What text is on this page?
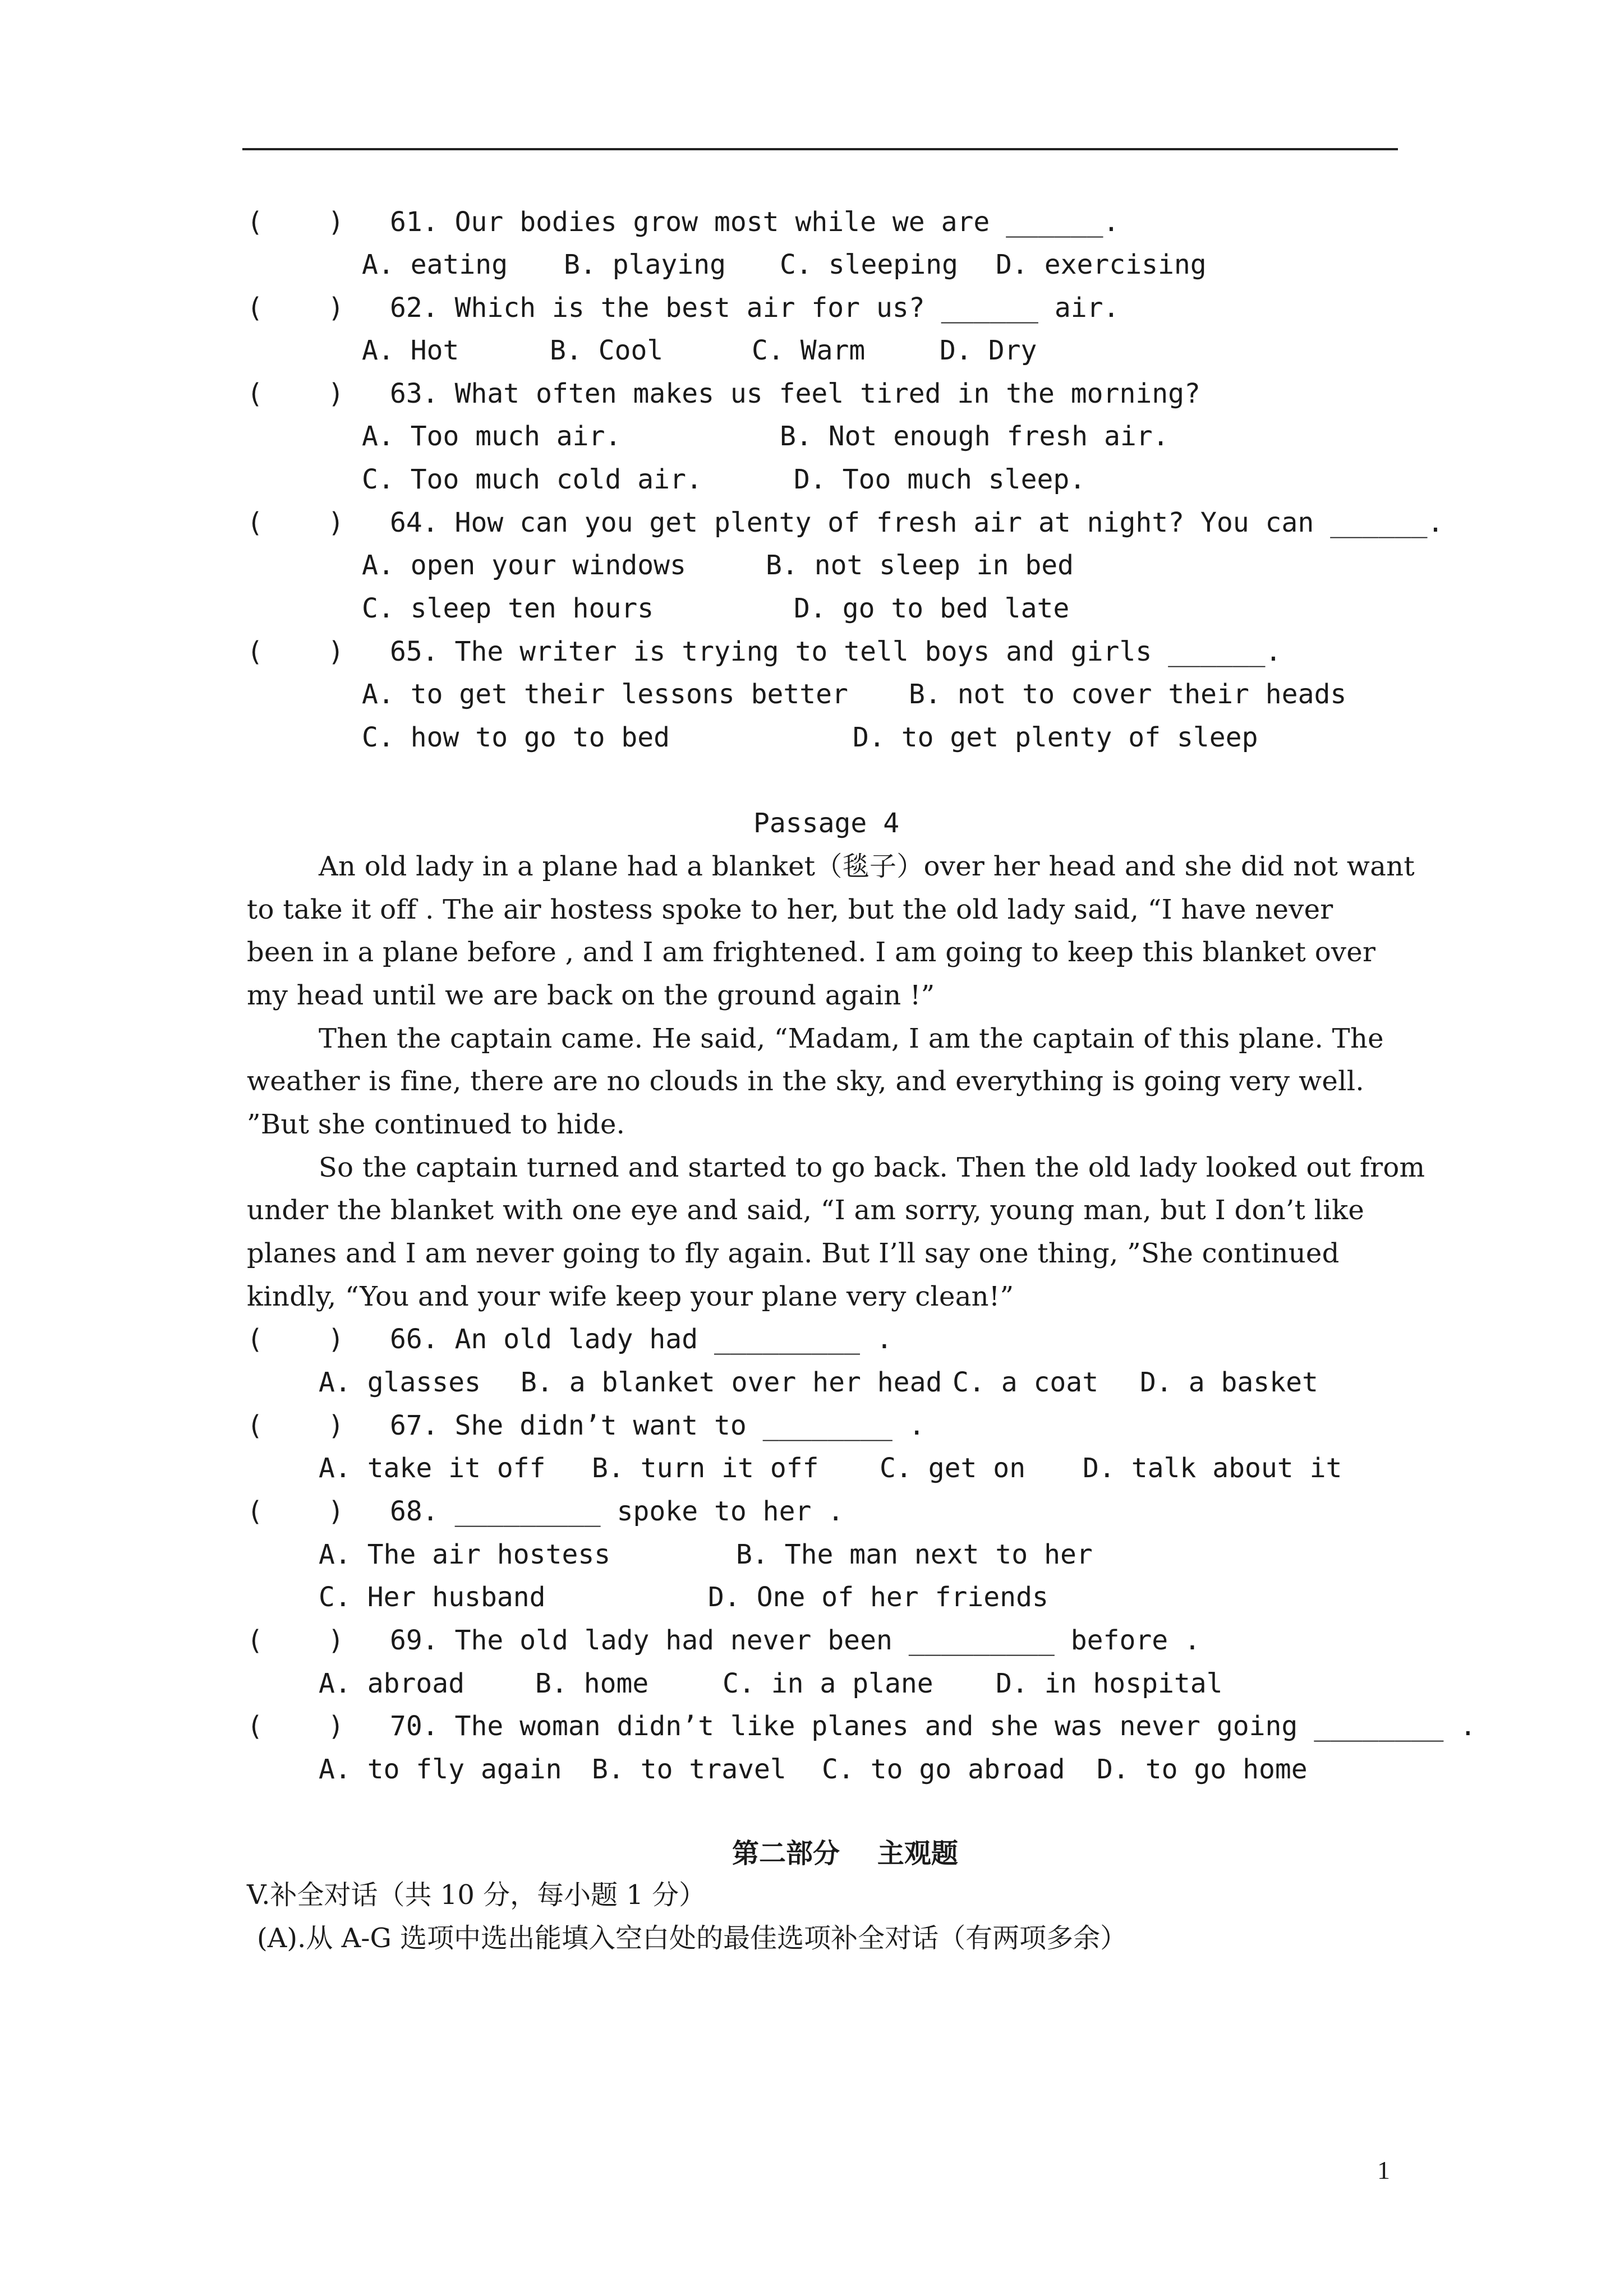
(    ) 61. Our bodies grow most while we are ______.
A. eating B. playing C. sleeping D. exercising
(    ) 62. Which is the best air for us? ______ air.
A. Hot	B. Cool	C. Warm	D. Dry
(    ) 63. What often makes us feel tired in the morning?
A. Too much air.	B. Not enough fresh air.
C. Too much cold air.	D. Too much sleep.
(    ) 64. How can you get plenty of fresh air at night? You can ______.
A. open your windows	B. not sleep in bed
C. sleep ten hours	D. go to bed late
(    ) 65. The writer is trying to tell boys and girls ______.
A. to get their lessons better B. not to cover their heads
C. how to go to bed	D. to get plenty of sleep
Passage 4
An old lady in a plane had a blanket（毯子）over her head and she did not want
to take it off . The air hostess spoke to her, but the old lady said, “I have never
been in a plane before , and I am frightened. I am going to keep this blanket over
my head until we are back on the ground again !”
Then the captain came. He said, “Madam, I am the captain of this plane. The
weather is fine, there are no clouds in the sky, and everything is going very well.
”But she continued to hide.
So the captain turned and started to go back. Then the old lady looked out from
under the blanket with one eye and said, “I am sorry, young man, but I don’t like
planes and I am never going to fly again. But I’ll say one thing, ”She continued
kindly, “You and your wife keep your plane very clean!”
(    ) 66. An old lady had _________ .
A. glasses B. a blanket over her head C. a coat D. a basket
(    ) 67. She didn’t want to ________ .
A. take it off B. turn it off C. get on D. talk about it
(    ) 68. _________ spoke to her .
A. The air hostess	B. The man next to her
C. Her husband	D. One of her friends
(    ) 69. The old lady had never been _________ before .
A. abroad	B. home	C. in a plane D. in hospital
(    ) 70. The woman didn’t like planes and she was never going ________ .
A. to fly again B. to travel C. to go abroad D. to go home
第二部分    主观题
V.补全对话（共 10 分，每小题 1 分）
(A).从 A-G 选项中选出能填入空白处的最佳选项补全对话（有两项多余）
1
